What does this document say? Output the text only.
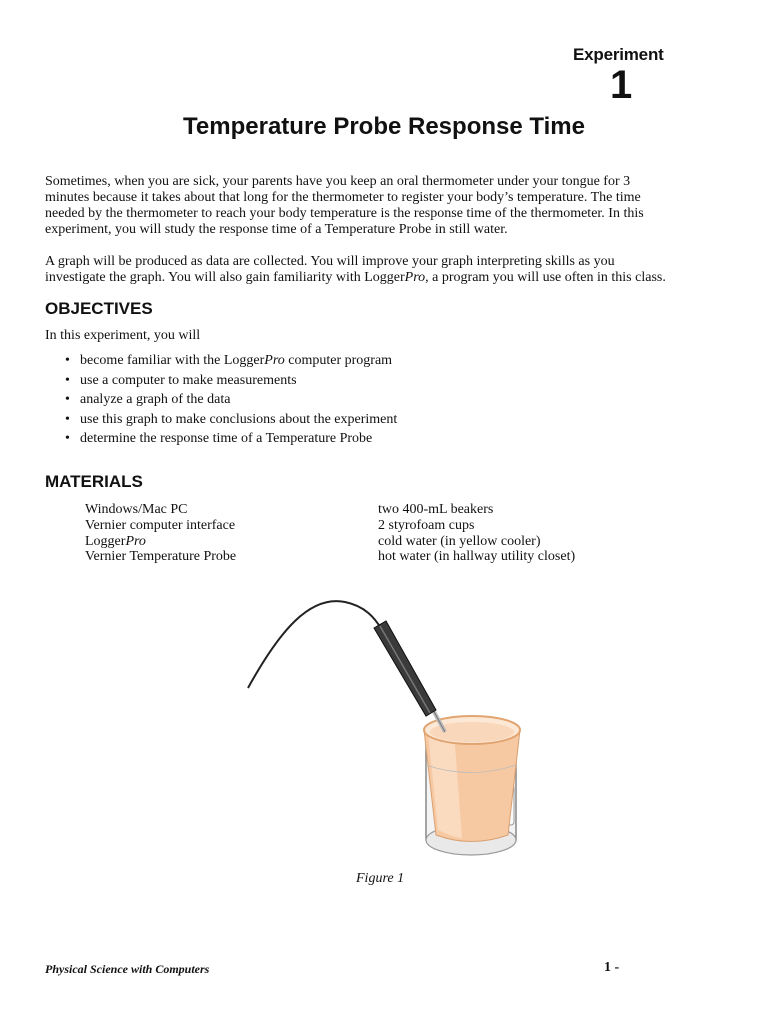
Experiment
1
Temperature Probe Response Time
Sometimes, when you are sick, your parents have you keep an oral thermometer under your tongue for 3
minutes because it takes about that long for the thermometer to register your body’s temperature. The time
needed by the thermometer to reach your body temperature is the response time of the thermometer. In this
experiment, you will study the response time of a Temperature Probe in still water.
A graph will be produced as data are collected. You will improve your graph interpreting skills as you
investigate the graph. You will also gain familiarity with LoggerPro, a program you will use often in this class.
OBJECTIVES
In this experiment, you will
• become familiar with the LoggerPro computer program
• use a computer to make measurements
• analyze a graph of the data
• use this graph to make conclusions about the experiment
• determine the response time of a Temperature Probe
MATERIALS
Windows/Mac PC
Vernier computer interface
LoggerPro
Vernier Temperature Probe
two 400-mL beakers
2 styrofoam cups
cold water (in yellow cooler)
hot water (in hallway utility closet)
Figure 1
Physical Science with Computers	1 -  
